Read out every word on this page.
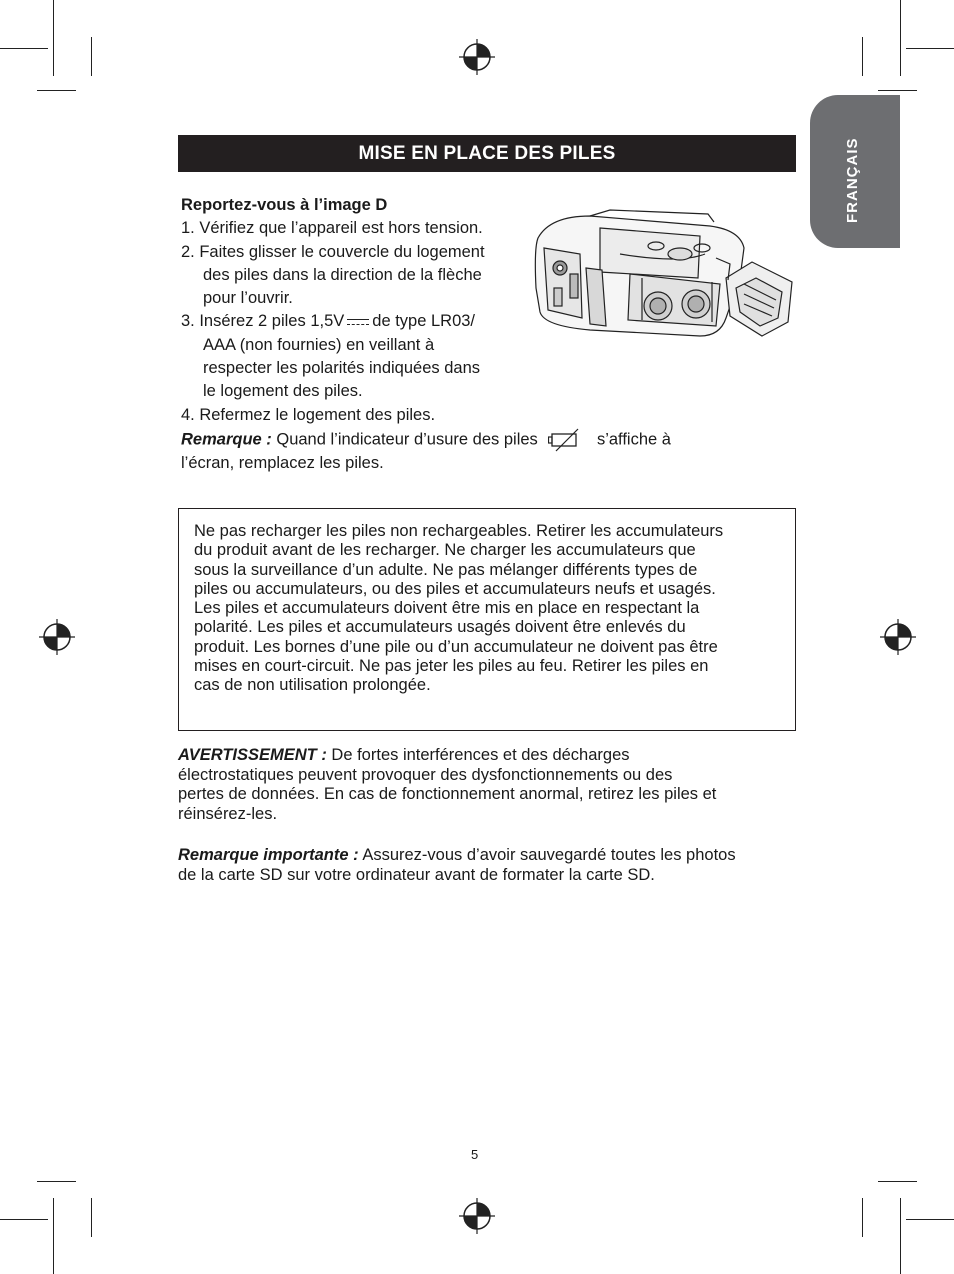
FRANÇAIS
MISE EN PLACE DES PILES
Reportez-vous à l’image D
1. Vérifiez que l’appareil est hors tension.
2. Faites glisser le couvercle du logement
des piles dans la direction de la flèche
pour l’ouvrir.
3. Insérez 2 piles 1,5V de type LR03/
AAA (non fournies) en veillant à
respecter les polarités indiquées dans
le logement des piles.
4. Refermez le logement des piles.
Remarque : Quand l’indicateur d’usure des piles	s’affiche à
l’écran, remplacez les piles.
Ne pas recharger les piles non rechargeables. Retirer les accumulateurs
du produit avant de les recharger. Ne charger les accumulateurs que
sous la surveillance d’un adulte. Ne pas mélanger différents types de
piles ou accumulateurs, ou des piles et accumulateurs neufs et usagés.
Les piles et accumulateurs doivent être mis en place en respectant la
polarité. Les piles et accumulateurs usagés doivent être enlevés du
produit. Les bornes d’une pile ou d’un accumulateur ne doivent pas être
mises en court-circuit. Ne pas jeter les piles au feu. Retirer les piles en
cas de non utilisation prolongée.
AVERTISSEMENT : De fortes interférences et des décharges
électrostatiques peuvent provoquer des dysfonctionnements ou des
pertes de données. En cas de fonctionnement anormal, retirez les piles et
réinsérez-les.
Remarque importante : Assurez-vous d’avoir sauvegardé toutes les photos
de la carte SD sur votre ordinateur avant de formater la carte SD.
5
